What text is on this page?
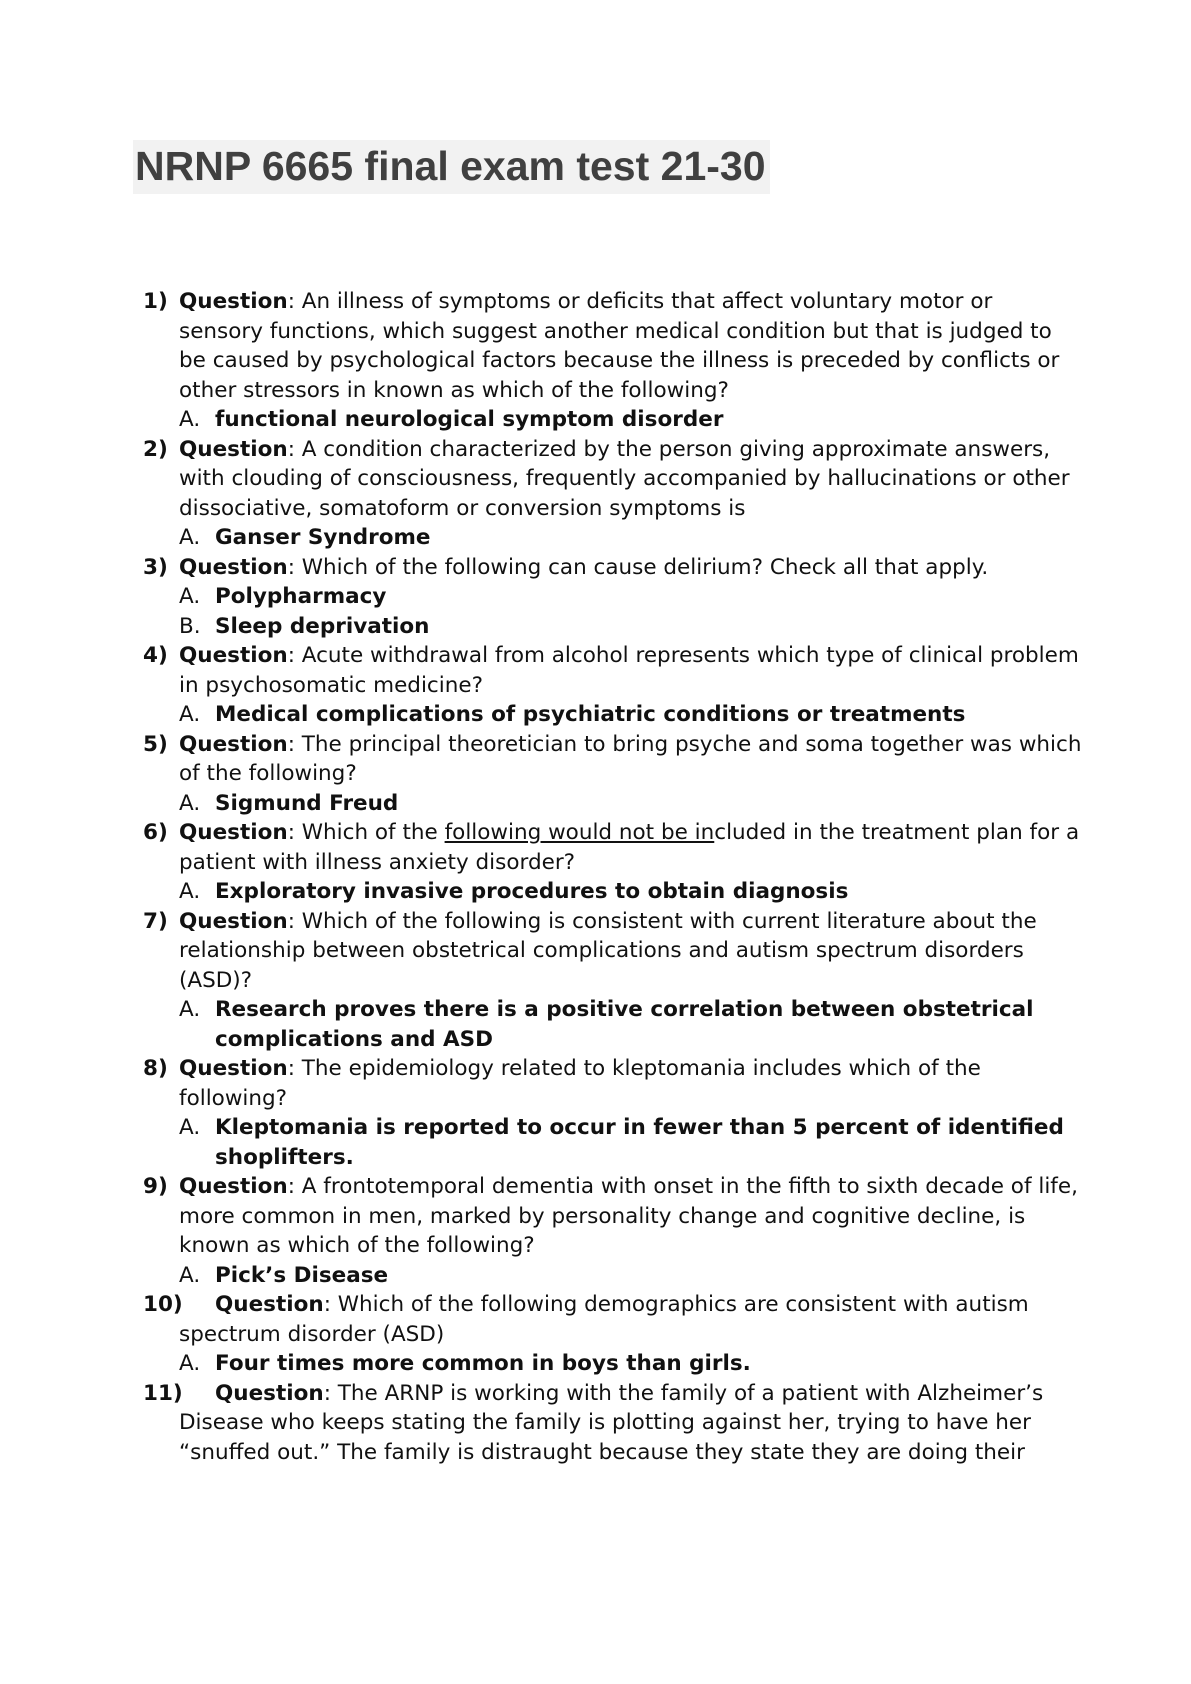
NRNP 6665 final exam test 21-30
1) Question: An illness of symptoms or deficits that affect voluntary motor or sensory functions, which suggest another medical condition but that is judged to be caused by psychological factors because the illness is preceded by conflicts or other stressors in known as which of the following?
A. functional neurological symptom disorder
2) Question: A condition characterized by the person giving approximate answers, with clouding of consciousness, frequently accompanied by hallucinations or other dissociative, somatoform or conversion symptoms is
A. Ganser Syndrome
3) Question: Which of the following can cause delirium? Check all that apply.
A. Polypharmacy
B. Sleep deprivation
4) Question: Acute withdrawal from alcohol represents which type of clinical problem in psychosomatic medicine?
A. Medical complications of psychiatric conditions or treatments
5) Question: The principal theoretician to bring psyche and soma together was which of the following?
A. Sigmund Freud
6) Question: Which of the following would not be included in the treatment plan for a patient with illness anxiety disorder?
A. Exploratory invasive procedures to obtain diagnosis
7) Question: Which of the following is consistent with current literature about the relationship between obstetrical complications and autism spectrum disorders (ASD)?
A. Research proves there is a positive correlation between obstetrical complications and ASD
8) Question: The epidemiology related to kleptomania includes which of the following?
A. Kleptomania is reported to occur in fewer than 5 percent of identified shoplifters.
9) Question: A frontotemporal dementia with onset in the fifth to sixth decade of life, more common in men, marked by personality change and cognitive decline, is known as which of the following?
A. Pick’s Disease
10) Question: Which of the following demographics are consistent with autism spectrum disorder (ASD)
A. Four times more common in boys than girls.
11) Question: The ARNP is working with the family of a patient with Alzheimer’s Disease who keeps stating the family is plotting against her, trying to have her “snuffed out.” The family is distraught because they state they are doing their
